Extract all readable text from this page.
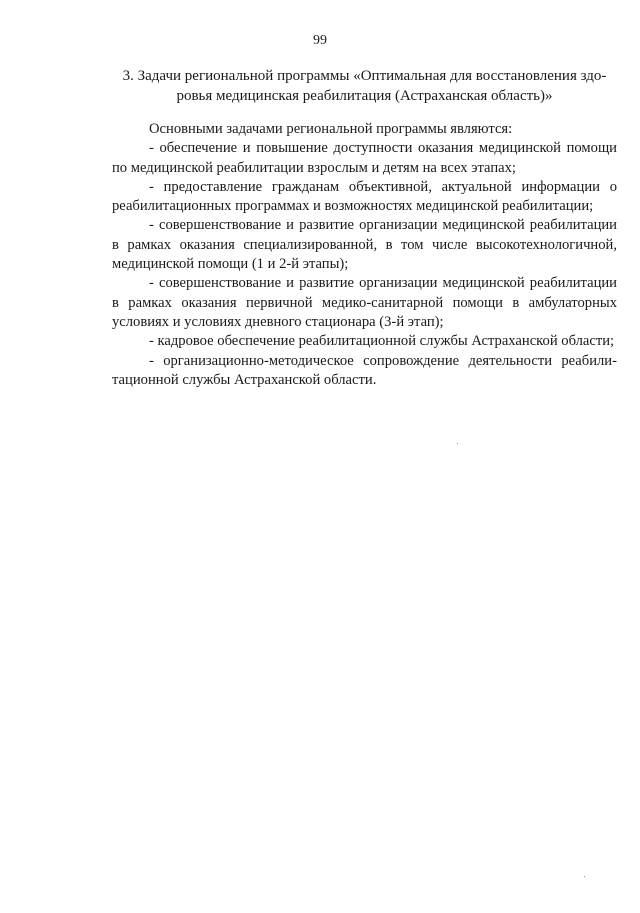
99
3. Задачи региональной программы «Оптимальная для восстановления здоровья медицинская реабилитация (Астраханская область)»

Основными задачами региональной программы являются:

- обеспечение и повышение доступности оказания медицинской помощи по медицинской реабилитации взрослым и детям на всех этапах;

- предоставление гражданам объективной, актуальной информации о реабилитационных программах и возможностях медицинской реабилитации;

- совершенствование и развитие организации медицинской реабилитации в рамках оказания специализированной, в том числе высокотехнологичной, медицинской помощи (1 и 2-й этапы);

- совершенствование и развитие организации медицинской реабилитации в рамках оказания первичной медико-санитарной помощи в амбулаторных условиях и условиях дневного стационара (3-й этап);

- кадровое обеспечение реабилитационной службы Астраханской области;

- организационно-методическое сопровождение деятельности реабилитационной службы Астраханской области.
